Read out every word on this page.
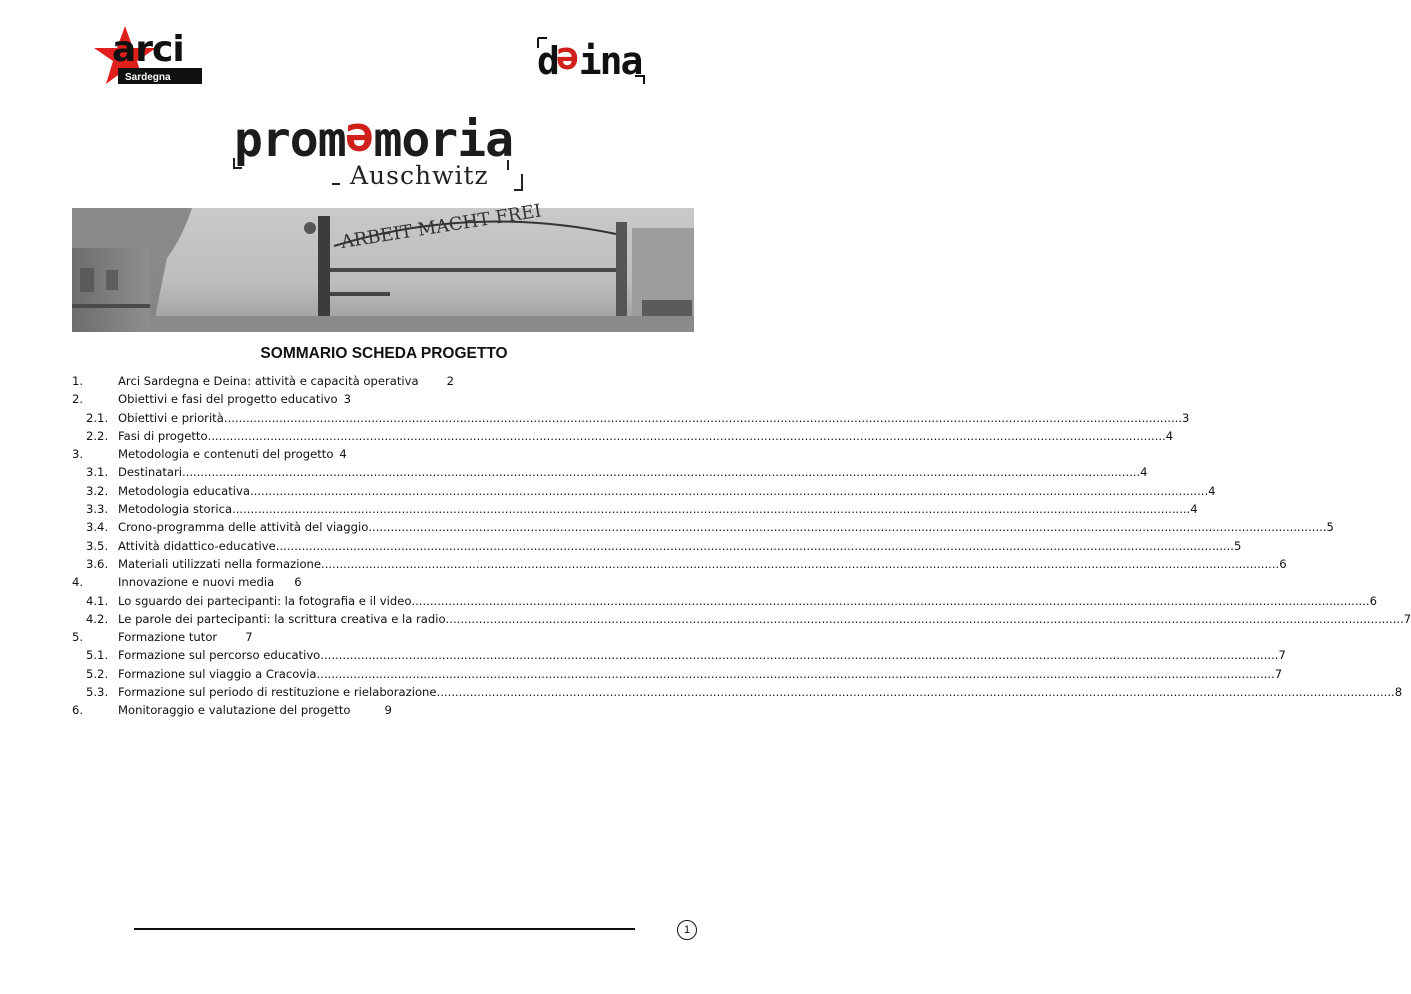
arci
Sardegna	deina
promemoria
Auschwitz
ARBEIT MACHT FREI
SOMMARIO SCHEDA PROGETTO
1.	Arci Sardegna e Deina: attività e capacità operativa 2
2.	Obiettivi e fasi del progetto educativo 3
2.1. Obiettivi e priorità .................................................................................................................................................................................................................................................................... 3
2.2. Fasi di progetto .................................................................................................................................................................................................................................................................... 4
3.	Metodologia e contenuti del progetto 4
3.1. Destinatari .................................................................................................................................................................................................................................................................... 4
3.2. Metodologia educativa .................................................................................................................................................................................................................................................................... 4
3.3. Metodologia storica .................................................................................................................................................................................................................................................................... 4
3.4. Crono-programma delle attività del viaggio .................................................................................................................................................................................................................................................................... 5
3.5. Attività didattico-educative .................................................................................................................................................................................................................................................................... 5
3.6. Materiali utilizzati nella formazione .................................................................................................................................................................................................................................................................... 6
4.	Innovazione e nuovi media 6
4.1. Lo sguardo dei partecipanti: la fotografia e il video .................................................................................................................................................................................................................................................................... 6
4.2. Le parole dei partecipanti: la scrittura creativa e la radio .................................................................................................................................................................................................................................................................... 7
5.	Formazione tutor 7
5.1. Formazione sul percorso educativo .................................................................................................................................................................................................................................................................... 7
5.2. Formazione sul viaggio a Cracovia .................................................................................................................................................................................................................................................................... 7
5.3. Formazione sul periodo di restituzione e rielaborazione .................................................................................................................................................................................................................................................................... 8
6.	Monitoraggio e valutazione del progetto	9
1
